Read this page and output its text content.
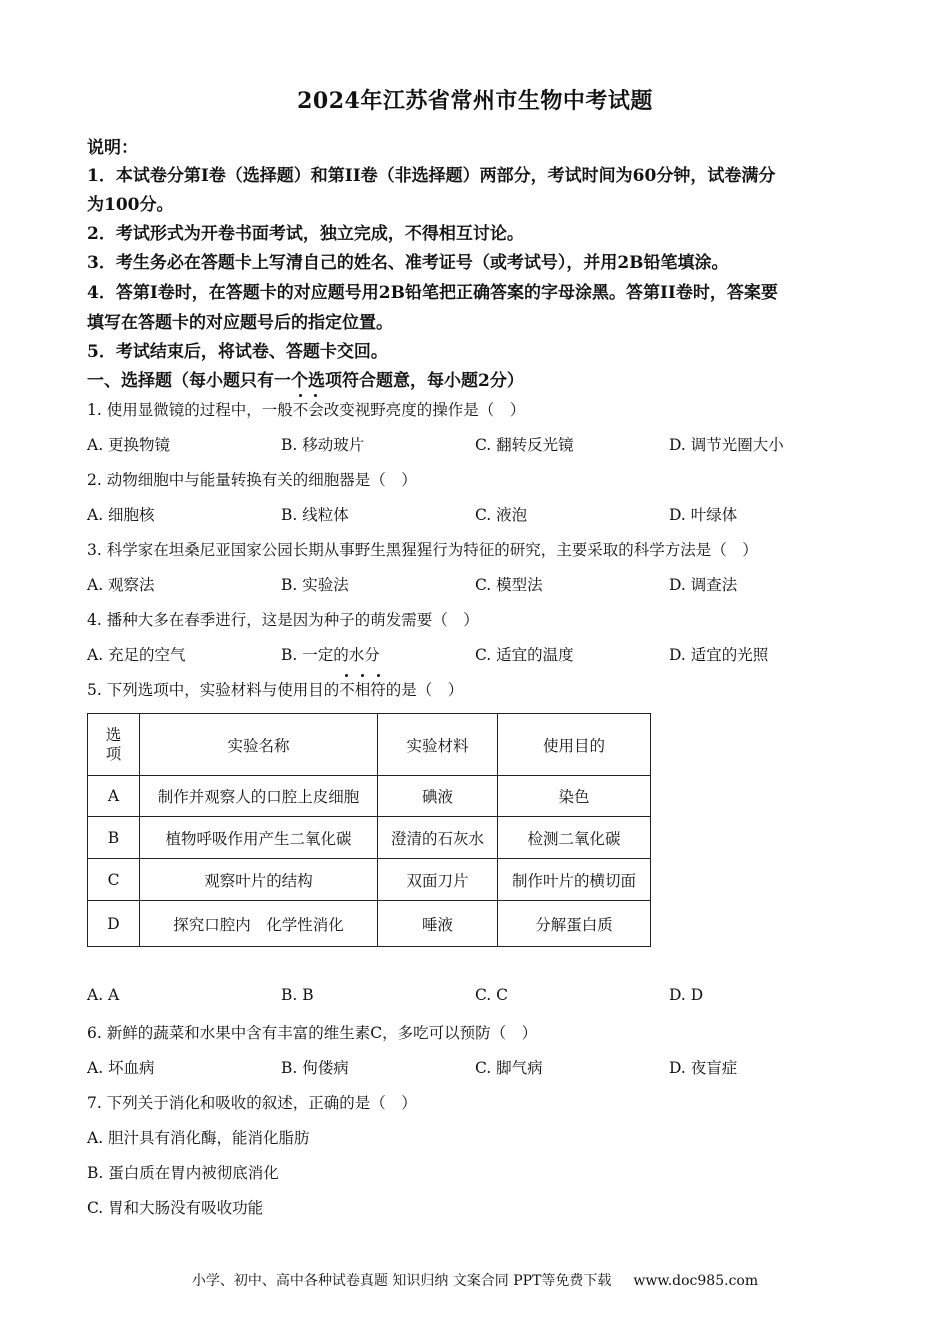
2024年江苏省常州市生物中考试题
说明：
1．本试卷分第I卷（选择题）和第II卷（非选择题）两部分，考试时间为60分钟，试卷满分
为100分。
2．考试形式为开卷书面考试，独立完成，不得相互讨论。
3．考生务必在答题卡上写清自己的姓名、准考证号（或考试号），并用2B铅笔填涂。
4．答第I卷时，在答题卡的对应题号用2B铅笔把正确答案的字母涂黑。答第II卷时，答案要
填写在答题卡的对应题号后的指定位置。
5．考试结束后，将试卷、答题卡交回。
一、选择题（每小题只有一个选项符合题意，每小题2分）
1. 使用显微镜的过程中，一般不会改变视野亮度的操作是（　）
A. 更换物镜	B. 移动玻片	C. 翻转反光镜	D. 调节光圈大小
2. 动物细胞中与能量转换有关的细胞器是（　）
A. 细胞核	B. 线粒体	C. 液泡	D. 叶绿体
3. 科学家在坦桑尼亚国家公园长期从事野生黑猩猩行为特征的研究，主要采取的科学方法是（　）
A. 观察法	B. 实验法	C. 模型法	D. 调查法
4. 播种大多在春季进行，这是因为种子的萌发需要（　）
A. 充足的空气	B. 一定的水分	C. 适宜的温度	D. 适宜的光照
5. 下列选项中，实验材料与使用目的不相符的是（　）
选
项	实验名称	实验材料	使用目的
A	制作并观察人的口腔上皮细胞	碘液	染色
B	植物呼吸作用产生二氧化碳	澄清的石灰水	检测二氧化碳
C	观察叶片的结构	双面刀片	制作叶片的横切面
D	探究口腔内　化学性消化	唾液	分解蛋白质
A. A	B. B	C. C	D. D
6. 新鲜的蔬菜和水果中含有丰富的维生素C，多吃可以预防（　）
A. 坏血病	B. 佝偻病	C. 脚气病	D. 夜盲症
7. 下列关于消化和吸收的叙述，正确的是（　）
A. 胆汁具有消化酶，能消化脂肪
B. 蛋白质在胃内被彻底消化
C. 胃和大肠没有吸收功能
小学、初中、高中各种试卷真题 知识归纳 文案合同 PPT等免费下载 www.doc985.com
